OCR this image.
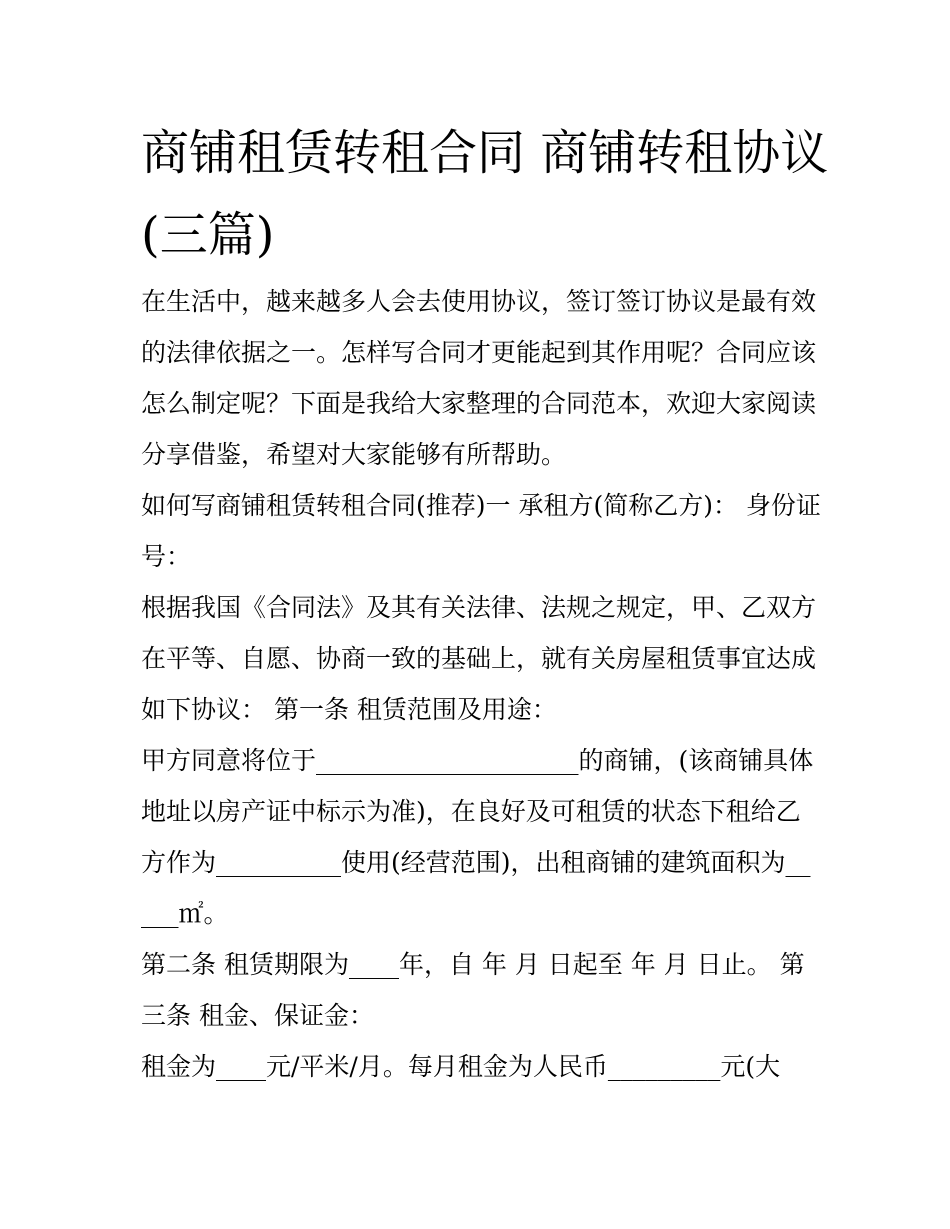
商铺租赁转租合同 商铺转租协议(三篇)

在生活中，越来越多人会去使用协议，签订签订协议是最有效的法律依据之一。怎样写合同才更能起到其作用呢？合同应该怎么制定呢？下面是我给大家整理的合同范本，欢迎大家阅读分享借鉴，希望对大家能够有所帮助。

如何写商铺租赁转租合同(推荐)一 承租方(简称乙方)： 身份证号：

根据我国《合同法》及其有关法律、法规之规定，甲、乙双方在平等、自愿、协商一致的基础上，就有关房屋租赁事宜达成如下协议： 第一条 租赁范围及用途：

甲方同意将位于_____________________的商铺，(该商铺具体地址以房产证中标示为准)，在良好及可租赁的状态下租给乙方作为__________使用(经营范围)，出租商铺的建筑面积为_____㎡。

第二条 租赁期限为____年，自 年 月 日起至 年 月 日止。 第三条 租金、保证金：

租金为____元/平米/月。每月租金为人民币_________元(大
